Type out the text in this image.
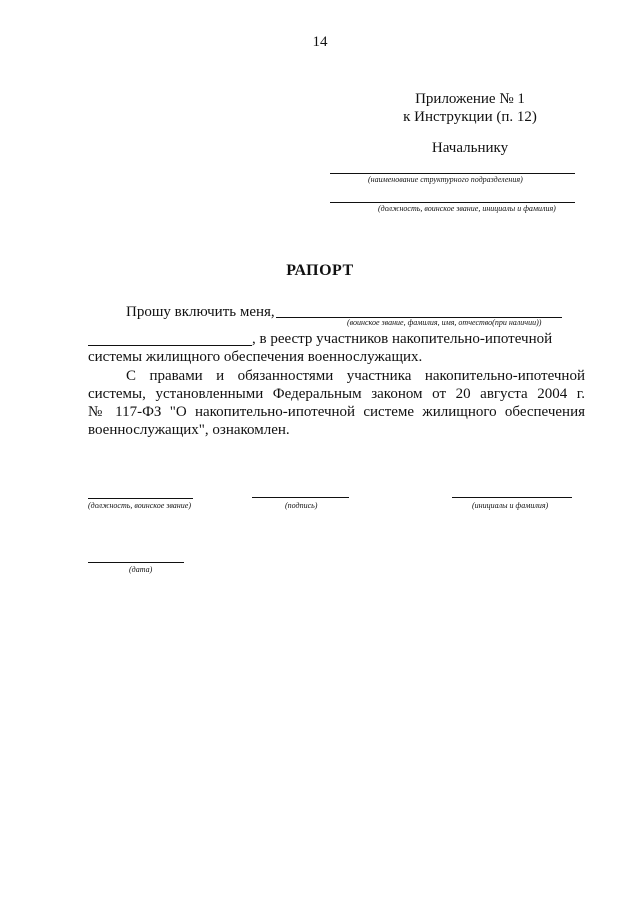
14
Приложение № 1
к Инструкции (п. 12)
Начальнику
(наименование структурного подразделения)
(должность, воинское звание, инициалы и фамилия)
РАПОРТ
Прошу включить меня,
(воинское звание, фамилия, имя, отчество(при наличии))
, в реестр участников накопительно-ипотечной
системы жилищного обеспечения военнослужащих.
С правами и обязанностями участника накопительно-ипотечной
системы, установленными Федеральным законом от 20 августа 2004 г.
№ 117-ФЗ "О накопительно-ипотечной системе жилищного обеспечения
военнослужащих", ознакомлен.
(должность, воинское звание)	(подпись)	(инициалы и фамилия)
(дата)
